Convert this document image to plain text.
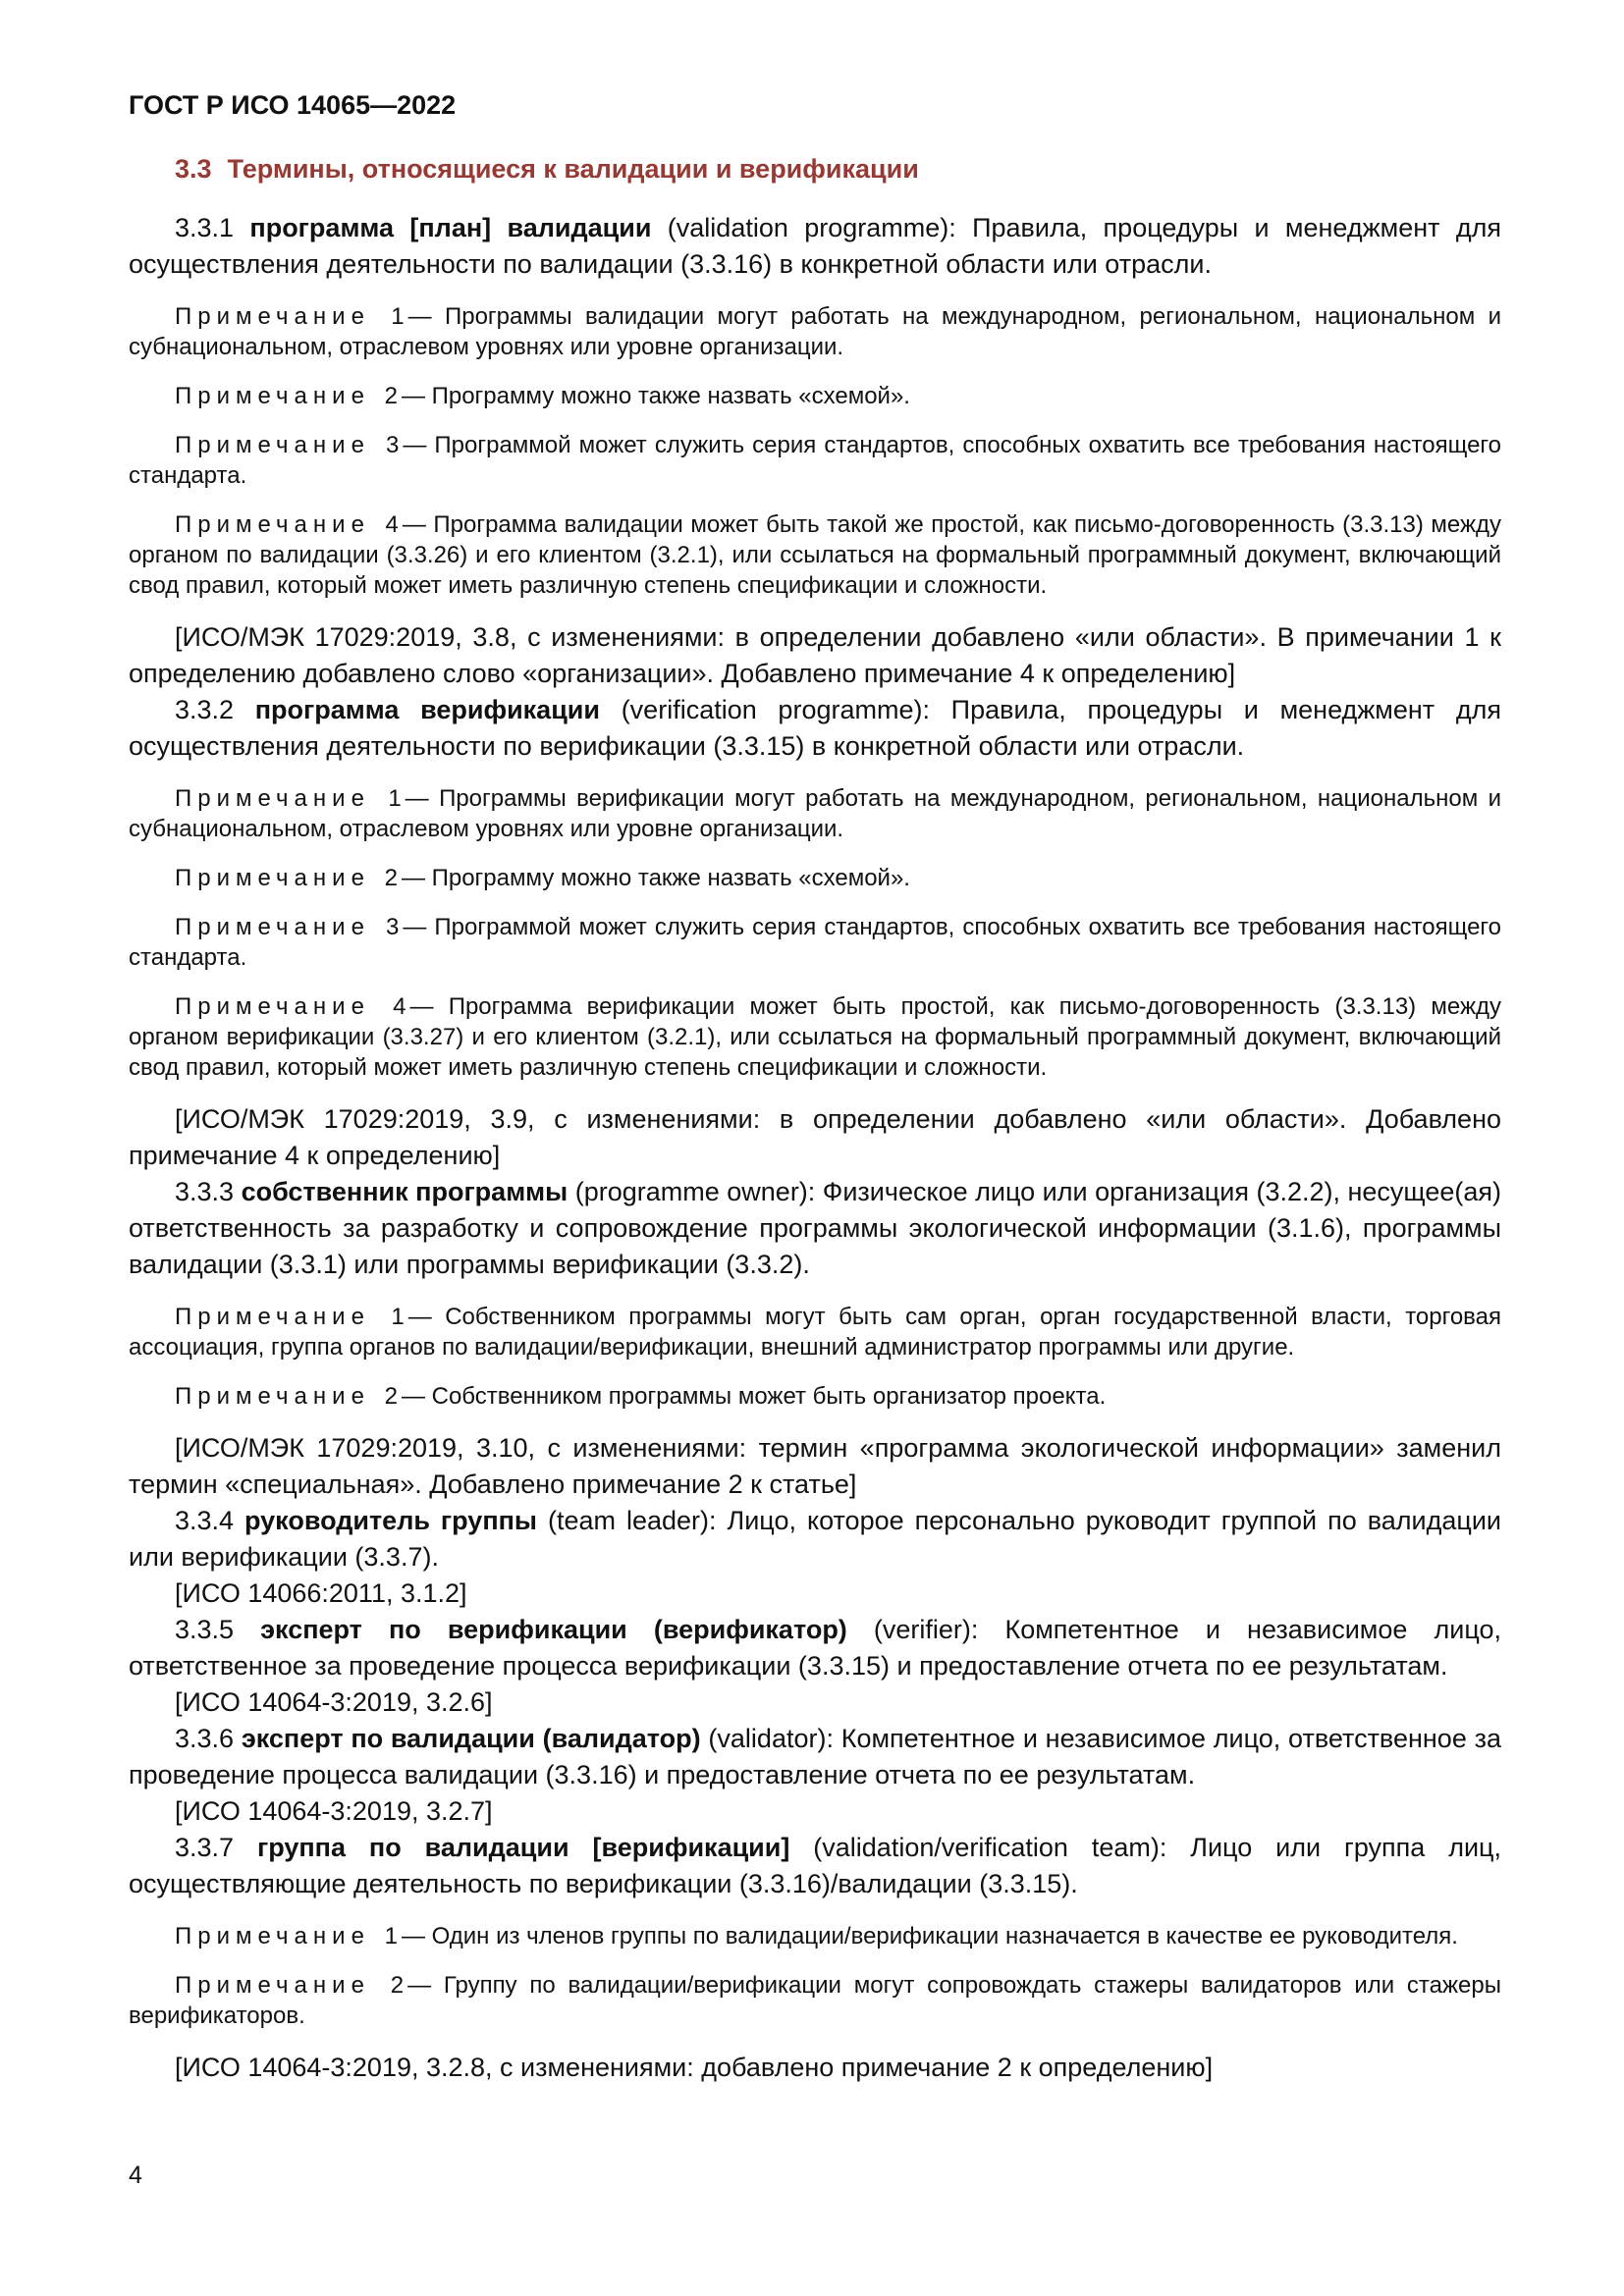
ГОСТ Р ИСО 14065—2022
3.3 Термины, относящиеся к валидации и верификации

3.3.1 программа [план] валидации (validation programme): Правила, процедуры и менеджмент для осуществления деятельности по валидации (3.3.16) в конкретной области или отрасли.

Примечание 1 — Программы валидации могут работать на международном, региональном, национальном и субнациональном, отраслевом уровнях или уровне организации.

Примечание 2 — Программу можно также назвать «схемой».

Примечание 3 — Программой может служить серия стандартов, способных охватить все требования настоящего стандарта.

Примечание 4 — Программа валидации может быть такой же простой, как письмо-договоренность (3.3.13) между органом по валидации (3.3.26) и его клиентом (3.2.1), или ссылаться на формальный программный документ, включающий свод правил, который может иметь различную степень спецификации и сложности.

[ИСО/МЭК 17029:2019, 3.8, с изменениями: в определении добавлено «или области». В примечании 1 к определению добавлено слово «организации». Добавлено примечание 4 к определению]

3.3.2 программа верификации (verification programme): Правила, процедуры и менеджмент для осуществления деятельности по верификации (3.3.15) в конкретной области или отрасли.

Примечание 1 — Программы верификации могут работать на международном, региональном, национальном и субнациональном, отраслевом уровнях или уровне организации.

Примечание 2 — Программу можно также назвать «схемой».

Примечание 3 — Программой может служить серия стандартов, способных охватить все требования настоящего стандарта.

Примечание 4 — Программа верификации может быть простой, как письмо-договоренность (3.3.13) между органом верификации (3.3.27) и его клиентом (3.2.1), или ссылаться на формальный программный документ, включающий свод правил, который может иметь различную степень спецификации и сложности.

[ИСО/МЭК 17029:2019, 3.9, с изменениями: в определении добавлено «или области». Добавлено примечание 4 к определению]

3.3.3 собственник программы (programme owner): Физическое лицо или организация (3.2.2), несущее(ая) ответственность за разработку и сопровождение программы экологической информации (3.1.6), программы валидации (3.3.1) или программы верификации (3.3.2).

Примечание 1 — Собственником программы могут быть сам орган, орган государственной власти, торговая ассоциация, группа органов по валидации/верификации, внешний администратор программы или другие.

Примечание 2 — Собственником программы может быть организатор проекта.

[ИСО/МЭК 17029:2019, 3.10, с изменениями: термин «программа экологической информации» заменил термин «специальная». Добавлено примечание 2 к статье]

3.3.4 руководитель группы (team leader): Лицо, которое персонально руководит группой по валидации или верификации (3.3.7).

[ИСО 14066:2011, 3.1.2]

3.3.5 эксперт по верификации (верификатор) (verifier): Компетентное и независимое лицо, ответственное за проведение процесса верификации (3.3.15) и предоставление отчета по ее результатам.

[ИСО 14064-3:2019, 3.2.6]

3.3.6 эксперт по валидации (валидатор) (validator): Компетентное и независимое лицо, ответственное за проведение процесса валидации (3.3.16) и предоставление отчета по ее результатам.

[ИСО 14064-3:2019, 3.2.7]

3.3.7 группа по валидации [верификации] (validation/verification team): Лицо или группа лиц, осуществляющие деятельность по верификации (3.3.16)/валидации (3.3.15).

Примечание 1 — Один из членов группы по валидации/верификации назначается в качестве ее руководителя.

Примечание 2 — Группу по валидации/верификации могут сопровождать стажеры валидаторов или стажеры верификаторов.

[ИСО 14064-3:2019, 3.2.8, с изменениями: добавлено примечание 2 к определению]

4
